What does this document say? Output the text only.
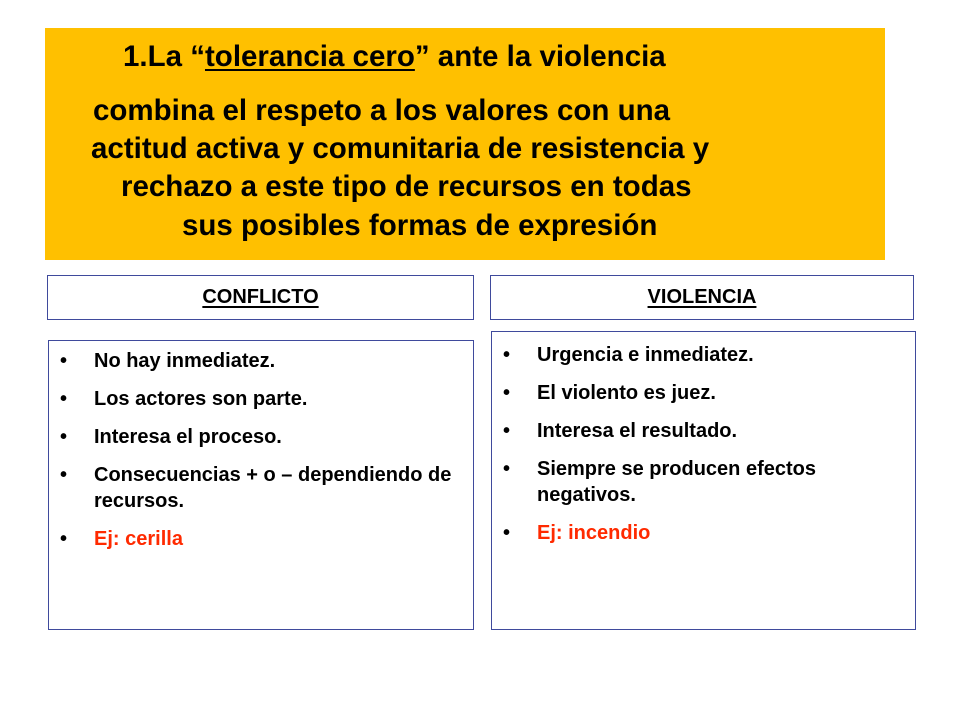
1.La “tolerancia cero” ante la violencia
combina el respeto a los valores con una
actitud activa y comunitaria de resistencia y
rechazo a este tipo de recursos en todas
sus posibles formas de expresión
CONFLICTO	VIOLENCIA
• No hay inmediatez.
• Los actores son parte.
• Interesa el proceso.
• Consecuencias + o – dependiendo de recursos.
• Ej: cerilla
• Urgencia e inmediatez.
• El violento es juez.
• Interesa el resultado.
• Siempre se producen efectos negativos.
• Ej: incendio
